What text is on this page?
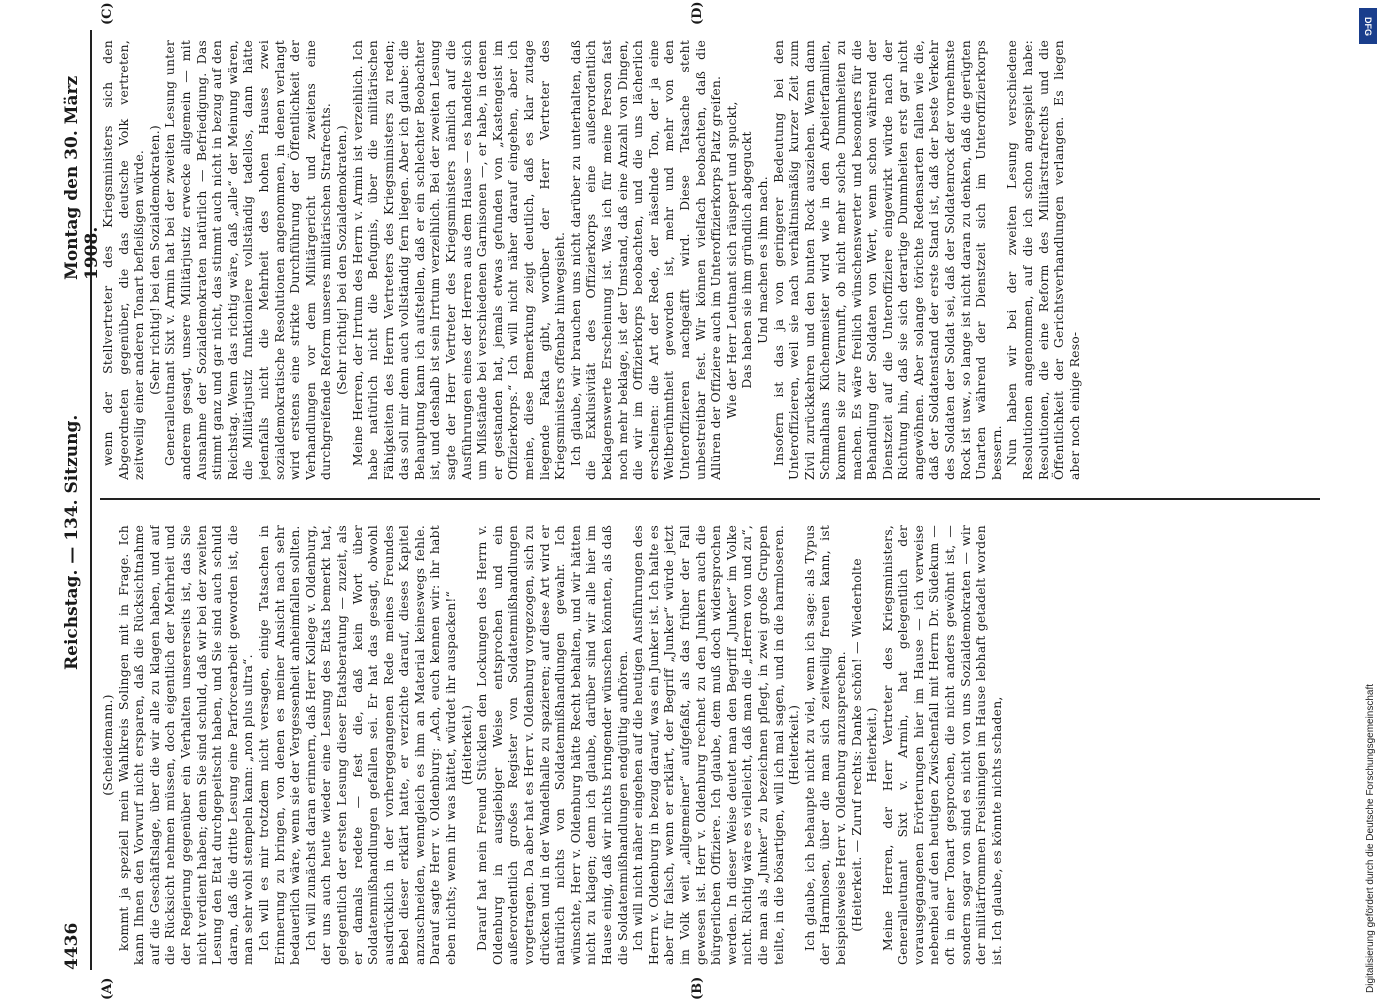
4436
Reichstag. — 134. Sitzung.
Montag den 30. März 1908.
(A)	(B)
(C)	(D)

(Scheidemann.) kommt ja speziell mein Wahlkreis Solingen mit in Frage. Ich kann Ihnen den Vorwurf nicht ersparen, daß die Rücksichtnahme auf die Geschäftslage, über die wir alle zu klagen haben, und auf die Rücksicht nehmen müssen, doch eigentlich der Mehrheit und der Regierung gegenüber ein Verhalten unsererseits ist, das Sie nicht verdient haben; denn Sie sind schuld, daß wir bei der zweiten Lesung den Etat durchgepeitscht haben, und Sie sind auch schuld daran, daß die dritte Lesung eine Parforcearbeit geworden ist, die man sehr wohl stempeln kann: „non plus ultra“. Ich will es mir trotzdem nicht versagen, einige Tatsachen in Erinnerung zu bringen, von denen es meiner Ansicht nach sehr bedauerlich wäre, wenn sie der Vergessenheit anheimfallen sollten. Ich will zunächst daran erinnern, daß Herr Kollege v. Oldenburg, der uns auch heute wieder eine Lesung des Etats bemerkt hat, gelegentlich der ersten Lesung dieser Etatsberatung — zuzeit, als er damals redete — fest die, daß kein Wort über Soldatenmißhandlungen gefallen sei. Er hat das gesagt, obwohl ausdrücklich in der vorhergegangenen Rede meines Freundes Bebel dieser erklärt hatte, er verzichte darauf, dieses Kapitel anzuschneiden, wenngleich es ihm an Material keineswegs fehle. Darauf sagte Herr v. Oldenburg: „Ach, euch kennen wir: ihr habt eben nichts; wenn ihr was hättet, würdet ihr auspacken!“ (Heiterkeit.) Darauf hat mein Freund Stücklen den Lockungen des Herrn v. Oldenburg in ausgiebiger Weise entsprochen und ein außerordentlich großes Register von Soldatenmißhandlungen vorgetragen. Da aber hat es Herr v. Oldenburg vorgezogen, sich zu drücken und in der Wandelhalle zu spazieren; auf diese Art wird er natürlich nichts von Soldatenmißhandlungen gewahr. Ich wünschte, Herr v. Oldenburg hätte Recht behalten, und wir hätten nicht zu klagen; denn ich glaube, darüber sind wir alle hier im Hause einig, daß wir nichts bringender wünschen könnten, als daß die Soldatenmißhandlungen endgültig aufhören. Ich will nicht näher eingehen auf die heutigen Ausführungen des Herrn v. Oldenburg in bezug darauf, was ein Junker ist. Ich halte es aber für falsch, wenn er erklärt, der Begriff „Junker“ würde jetzt im Volk weit „allgemeiner“ aufgefaßt, als das früher der Fall gewesen ist. Herr v. Oldenburg rechnet zu den Junkern auch die bürgerlichen Offiziere. Ich glaube, dem muß doch widersprochen werden. In dieser Weise deutet man den Begriff „Junker“ im Volke nicht. Richtig wäre es vielleicht, daß man die „Herren von und zu“, die man als „Junker“ zu bezeichnen pflegt, in zwei große Gruppen teilte, in die bösartigen, will ich mal sagen, und in die harmloseren. (Heiterkeit.) Ich glaube, ich behaupte nicht zu viel, wenn ich sage: als Typus der Harmlosen, über die man sich zeitweilig freuen kann, ist beispielsweise Herr v. Oldenburg anzusprechen. (Heiterkeit. — Zuruf rechts: Danke schön! — Wiederholte Heiterkeit.) Meine Herren, der Herr Vertreter des Kriegsministers, Generalleutnant Sixt v. Armin, hat gelegentlich der vorausgegangenen Erörterungen hier im Hause — ich verweise nebenbei auf den heutigen Zwischenfall mit Herrn Dr. Südekum — oft in einer Tonart gesprochen, die nicht anders gewöhnt ist, — sondern sogar von sind es nicht von uns Sozialdemokraten — wir der militärfrommen Freisinnigen im Hause lebhaft getadelt worden ist. Ich glaube, es könnte nichts schaden,

wenn der Stellvertreter des Kriegsministers sich den Abgeordneten gegenüber, die das deutsche Volk vertreten, zeitweilig einer anderen Tonart befleißigen würde. (Sehr richtig! bei den Sozialdemokraten.) Generalleutnant Sixt v. Armin hat bei der zweiten Lesung unter anderem gesagt, unsere Militärjustiz erwecke allgemein — mit Ausnahme der Sozialdemokraten natürlich — Befriedigung. Das stimmt ganz und gar nicht, das stimmt auch nicht in bezug auf den Reichstag. Wenn das richtig wäre, daß „alle“ der Meinung wären, die Militärjustiz funktioniere vollständig tadellos, dann hätte jedenfalls nicht die Mehrheit des hohen Hauses zwei sozialdemokratische Resolutionen angenommen, in denen verlangt wird erstens eine strikte Durchführung der Öffentlichkeit der Verhandlungen vor dem Militärgericht und zweitens eine durchgreifende Reform unseres militärischen Strafrechts. (Sehr richtig! bei den Sozialdemokraten.) Meine Herren, der Irrtum des Herrn v. Armin ist verzeihlich. Ich habe natürlich nicht die Befugnis, über die militärischen Fähigkeiten des Herrn Vertreters des Kriegsministers zu reden; das soll mir denn auch vollständig fern liegen. Aber ich glaube: die Behauptung kann ich aufstellen, daß er ein schlechter Beobachter ist, und deshalb ist sein Irrtum verzeihlich. Bei der zweiten Lesung sagte der Herr Vertreter des Kriegsministers nämlich auf die Ausführungen eines der Herren aus dem Hause — es handelte sich um Mißstände bei verschiedenen Garnisonen —, er habe, in denen er gestanden hat, jemals etwas gefunden von „Kastengeist im Offizierkorps.“ Ich will nicht näher darauf eingehen, aber ich meine, diese Bemerkung zeigt deutlich, daß es klar zutage liegende Fakta gibt, worüber der Herr Vertreter des Kriegsministers offenbar hinwegsieht. Ich glaube, wir brauchen uns nicht darüber zu unterhalten, daß die Exklusivität des Offizierkorps eine außerordentlich beklagenswerte Erscheinung ist. Was ich für meine Person fast noch mehr beklage, ist der Umstand, daß eine Anzahl von Dingen, die wir im Offizierkorps beobachten, und die uns lächerlich erscheinen: die Art der Rede, der näselnde Ton, der ja eine Weltberühmtheit geworden ist, mehr und mehr von den Unteroffizieren nachgeäfft wird. Diese Tatsache steht unbestreitbar fest. Wir können vielfach beobachten, daß die Allüren der Offiziere auch im Unteroffizierkorps Platz greifen. Wie der Herr Leutnant sich räuspert und spuckt, Das haben sie ihm gründlich abgeguckt Und machen es ihm nach. Insofern ist das ja von geringerer Bedeutung bei den Unteroffizieren, weil sie nach verhältnismäßig kurzer Zeit zum Zivil zurückkehren und den bunten Rock ausziehen. Wenn dann Schmalhans Küchenmeister wird wie in den Arbeiterfamilien, kommen sie zur Vernunft, ob nicht mehr solche Dummheiten zu machen. Es wäre freilich wünschenswerter und besonders für die Behandlung der Soldaten von Wert, wenn schon während der Dienstzeit auf die Unteroffiziere eingewirkt würde nach der Richtung hin, daß sie sich derartige Dummheiten erst gar nicht angewöhnen. Aber solange törichte Redensarten fallen wie die, daß der Soldatenstand der erste Stand ist, daß der beste Verkehr des Soldaten der Soldat sei, daß der Soldatenrock der vornehmste Rock ist usw., so lange ist nicht daran zu denken, daß die gerügten Unarten während der Dienstzeit sich im Unteroffizierkorps bessern. Nun haben wir bei der zweiten Lesung verschiedene Resolutionen angenommen, auf die ich schon angespielt habe: Resolutionen, die eine Reform des Militärstrafrechts und die Öffentlichkeit der Gerichtsverhandlungen verlangen. Es liegen aber noch einige Reso-

Digitalisierung gefördert durch die Deutsche Forschungsgemeinschaft
DFG
